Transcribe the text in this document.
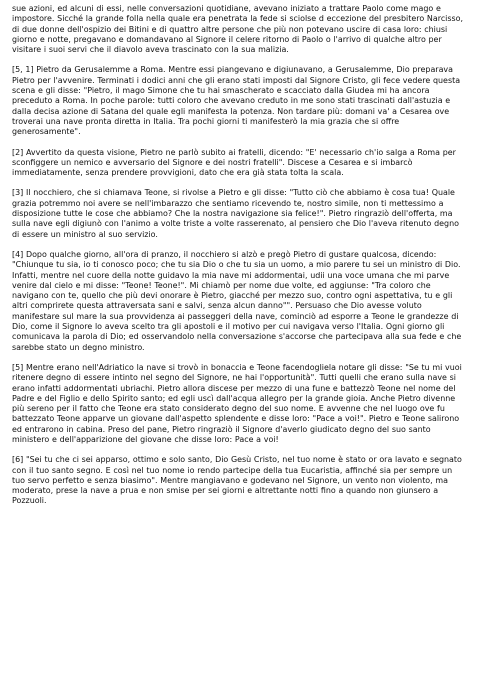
sue azioni, ed alcuni di essi, nelle conversazioni quotidiane, avevano iniziato a trattare Paolo come mago e impostore. Sicché la grande folla nella quale era penetrata la fede si sciolse d eccezione del presbitero Narcisso, di due donne dell'ospizio dei Bitini e di quattro altre persone che più non potevano uscire di casa loro: chiusi giorno e notte, pregavano e domandavano al Signore il celere ritorno di Paolo o l'arrivo di qualche altro per visitare i suoi servi che il diavolo aveva trascinato con la sua malizia.

[5, 1] Pietro da Gerusalemme a Roma. Mentre essi piangevano e digiunavano, a Gerusalemme, Dio preparava Pietro per l'avvenire. Terminati i dodici anni che gli erano stati imposti dal Signore Cristo, gli fece vedere questa scena e gli disse: "Pietro, il mago Simone che tu hai smascherato e scacciato dalla Giudea mi ha ancora preceduto a Roma. In poche parole: tutti coloro che avevano creduto in me sono stati trascinati dall'astuzia e dalla decisa azione di Satana del quale egli manifesta la potenza. Non tardare più: domani va' a Cesarea ove troverai una nave pronta diretta in Italia. Tra pochi giorni ti manifesterò la mia grazia che si offre generosamente".

[2] Avvertito da questa visione, Pietro ne parlò subito ai fratelli, dicendo: "E' necessario ch'io salga a Roma per sconfiggere un nemico e avversario del Signore e dei nostri fratelli". Discese a Cesarea e si imbarcò immediatamente, senza prendere provvigioni, dato che era già stata tolta la scala.

[3] Il nocchiero, che si chiamava Teone, si rivolse a Pietro e gli disse: "Tutto ciò che abbiamo è cosa tua! Quale grazia potremmo noi avere se nell'imbarazzo che sentiamo ricevendo te, nostro simile, non ti mettessimo a disposizione tutte le cose che abbiamo? Che la nostra navigazione sia felice!". Pietro ringraziò dell'offerta, ma sulla nave egli digiunò con l'animo a volte triste a volte rasserenato, al pensiero che Dio l'aveva ritenuto degno di essere un ministro al suo servizio.

[4] Dopo qualche giorno, all'ora di pranzo, il nocchiero si alzò e pregò Pietro di gustare qualcosa, dicendo: "Chiunque tu sia, io ti conosco poco; che tu sia Dio o che tu sia un uomo, a mio parere tu sei un ministro di Dio. Infatti, mentre nel cuore della notte guidavo la mia nave mi addormentai, udii una voce umana che mi parve venire dal cielo e mi disse: "Teone! Teone!". Mi chiamò per nome due volte, ed aggiunse: "Tra coloro che navigano con te, quello che più devi onorare è Pietro, giacché per mezzo suo, contro ogni aspettativa, tu e gli altri comprirete questa attraversata sani e salvi, senza alcun danno"". Persuaso che Dio avesse voluto manifestare sul mare la sua provvidenza ai passeggeri della nave, cominciò ad esporre a Teone le grandezze di Dio, come il Signore lo aveva scelto tra gli apostoli e il motivo per cui navigava verso l'Italia. Ogni giorno gli comunicava la parola di Dio; ed osservandolo nella conversazione s'accorse che partecipava alla sua fede e che sarebbe stato un degno ministro.

[5] Mentre erano nell'Adriatico la nave si trovò in bonaccia e Teone facendogliela notare gli disse: "Se tu mi vuoi ritenere degno di essere intinto nel segno del Signore, ne hai l'opportunità". Tutti quelli che erano sulla nave si erano infatti addormentati ubriachi. Pietro allora discese per mezzo di una fune e battezzò Teone nel nome del Padre e del Figlio e dello Spirito santo; ed egli uscì dall'acqua allegro per la grande gioia. Anche Pietro divenne più sereno per il fatto che Teone era stato considerato degno del suo nome. E avvenne che nel luogo ove fu battezzato Teone apparve un giovane dall'aspetto splendente e disse loro: "Pace a voi!". Pietro e Teone salirono ed entrarono in cabina. Preso del pane, Pietro ringraziò il Signore d'averlo giudicato degno del suo santo ministero e dell'apparizione del giovane che disse loro: Pace a voi!

[6] "Sei tu che ci sei apparso, ottimo e solo santo, Dio Gesù Cristo, nel tuo nome è stato or ora lavato e segnato con il tuo santo segno. E così nel tuo nome io rendo partecipe della tua Eucaristia, affinché sia per sempre un tuo servo perfetto e senza biasimo". Mentre mangiavano e godevano nel Signore, un vento non violento, ma moderato, prese la nave a prua e non smise per sei giorni e altrettante notti fino a quando non giunsero a Pozzuoli.
